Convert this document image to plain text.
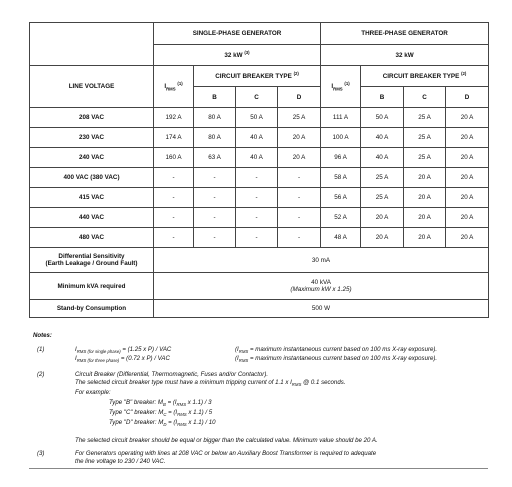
	SINGLE-PHASE GENERATOR				THREE-PHASE GENERATOR			
	32 kW $^{(3)}$				32 kW			
LINE VOLTAGE	$I_{RMS}$ $^{(1)}$	CIRCUIT BREAKER TYPE $^{(2)}$			$I_{RMS}$ $^{(1)}$	CIRCUIT BREAKER TYPE $^{(2)}$
		B	C	D		B	C	D
208 VAC	192 A	80 A	50 A	25 A	111 A	50 A	25 A	20 A
230 VAC	174 A	80 A	40 A	20 A	100 A	40 A	25 A	20 A
240 VAC	160 A	63 A	40 A	20 A	96 A	40 A	25 A	20 A
400 VAC (380 VAC)	-	-	-	-	58 A	25 A	20 A	20 A
415 VAC	-	-	-	-	56 A	25 A	20 A	20 A
440 VAC	-	-	-	-	52 A	20 A	20 A	20 A
480 VAC	-	-	-	-	48 A	20 A	20 A	20 A

Differential Sensitivity
(Earth Leakage / Ground Fault)	30 mA							
Minimum kVA required	40 kVA
(Maximum kW x 1.25)							

Stand-by Consumption	500 W							
Notes:
(1)	$I_{RMS (for single phase)} = (1.25$ x P) / VAC	($I_{RMS}$ = maximum instantaneous current based on 100 ms X-ray exposure).
$I_{RMS (for three phase)} = (0.72$ x P) / VAC	($I_{RMS}$ = maximum instantaneous current based on 100 ms X-ray exposure).
(2)	Circuit Breaker (Differential, Thermomagnetic, Fuses and/or Contactor).
The selected circuit breaker type must have a minimum tripping current of 1.1 x $I_{RMS}$ @ 0.1 seconds.
For example:
Type "B" breaker: $M_B = (I_{RMS}$ x 1.1) / 3
Type "C" breaker: $M_C = (I_{RMS}$ x 1.1) / 5
Type "D" breaker: $M_D = (I_{RMS}$ x 1.1) / 10
The selected circuit breaker should be equal or bigger than the calculated value. Minimum value should be 20 A.
(3)	For Generators operating with lines at 208 VAC or below an Auxiliary Boost Transformer is required to adequate
the line voltage to 230 / 240 VAC.
